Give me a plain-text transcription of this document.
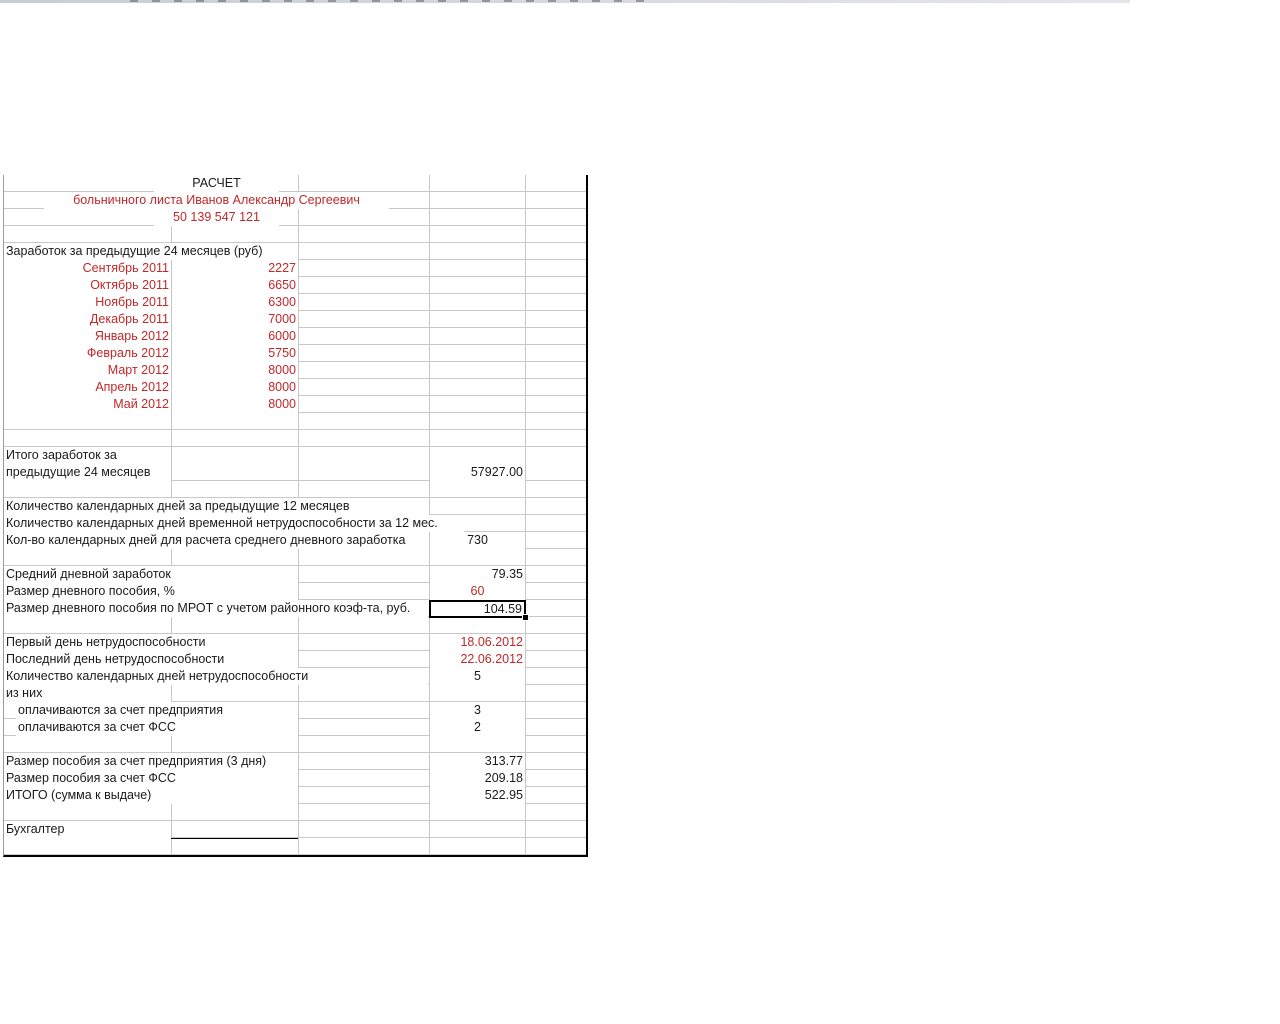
РАСЧЕТ
больничного листа Иванов Александр Сергеевич
50 139 547 121
Заработок за предыдущие 24 месяцев (руб)
Сентябрь 2011	2227
Октябрь 2011	6650
Ноябрь 2011	6300
Декабрь 2011	7000
Январь 2012	6000
Февраль 2012	5750
Март 2012	8000
Апрель 2012	8000
Май 2012	8000
Итого заработок за
предыдущие 24 месяцев	57927.00
Количество календарных дней за предыдущие 12 месяцев
Количество календарных дней временной нетрудоспособности за 12 мес.
Кол-во календарных дней для расчета среднего дневного заработка	730
Средний дневной заработок	79.35
Размер дневного пособия, %	60
Размер дневного пособия по МРОТ с учетом районного коэф-та, руб.	104.59
Первый день нетрудоспособности	18.06.2012
Последний день нетрудоспособности	22.06.2012
Количество календарных дней нетрудоспособности	5
из них
оплачиваются за счет предприятия	3
оплачиваются за счет ФСС	2
Размер пособия за счет предприятия (3 дня)	313.77
Размер пособия за счет ФСС	209.18
ИТОГО (сумма к выдаче)	522.95
Бухгалтер
